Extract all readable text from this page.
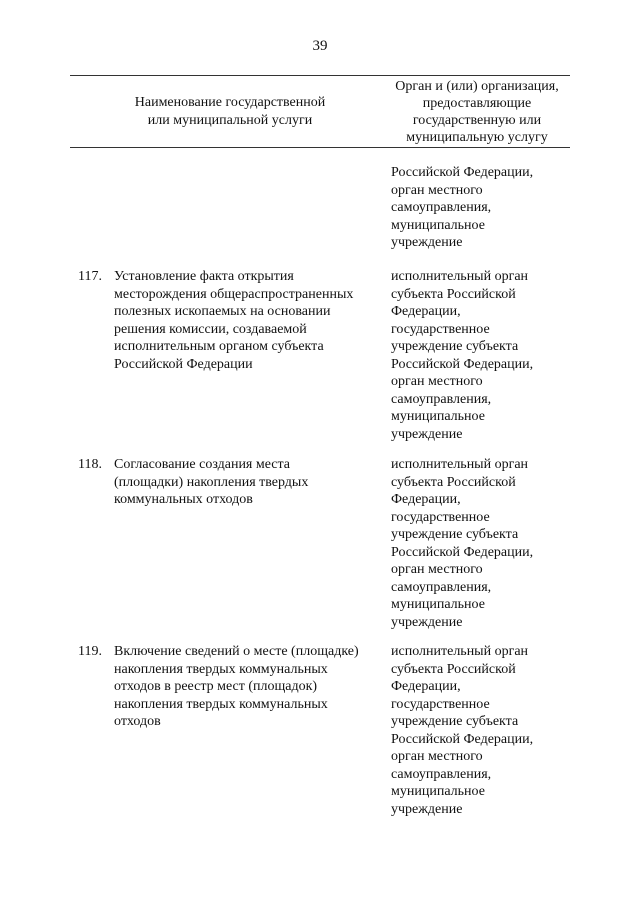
39
Наименование государственной
или муниципальной услуги
Орган и (или) организация,
предоставляющие
государственную или
муниципальную услугу
Российской Федерации,
орган местного
самоуправления,
муниципальное
учреждение
117. Установление факта открытия
месторождения общераспространенных
полезных ископаемых на основании
решения комиссии, создаваемой
исполнительным органом субъекта
Российской Федерации
исполнительный орган
субъекта Российской
Федерации,
государственное
учреждение субъекта
Российской Федерации,
орган местного
самоуправления,
муниципальное
учреждение
118. Согласование создания места
(площадки) накопления твердых
коммунальных отходов
исполнительный орган
субъекта Российской
Федерации,
государственное
учреждение субъекта
Российской Федерации,
орган местного
самоуправления,
муниципальное
учреждение
119. Включение сведений о месте (площадке)
накопления твердых коммунальных
отходов в реестр мест (площадок)
накопления твердых коммунальных
отходов
исполнительный орган
субъекта Российской
Федерации,
государственное
учреждение субъекта
Российской Федерации,
орган местного
самоуправления,
муниципальное
учреждение
